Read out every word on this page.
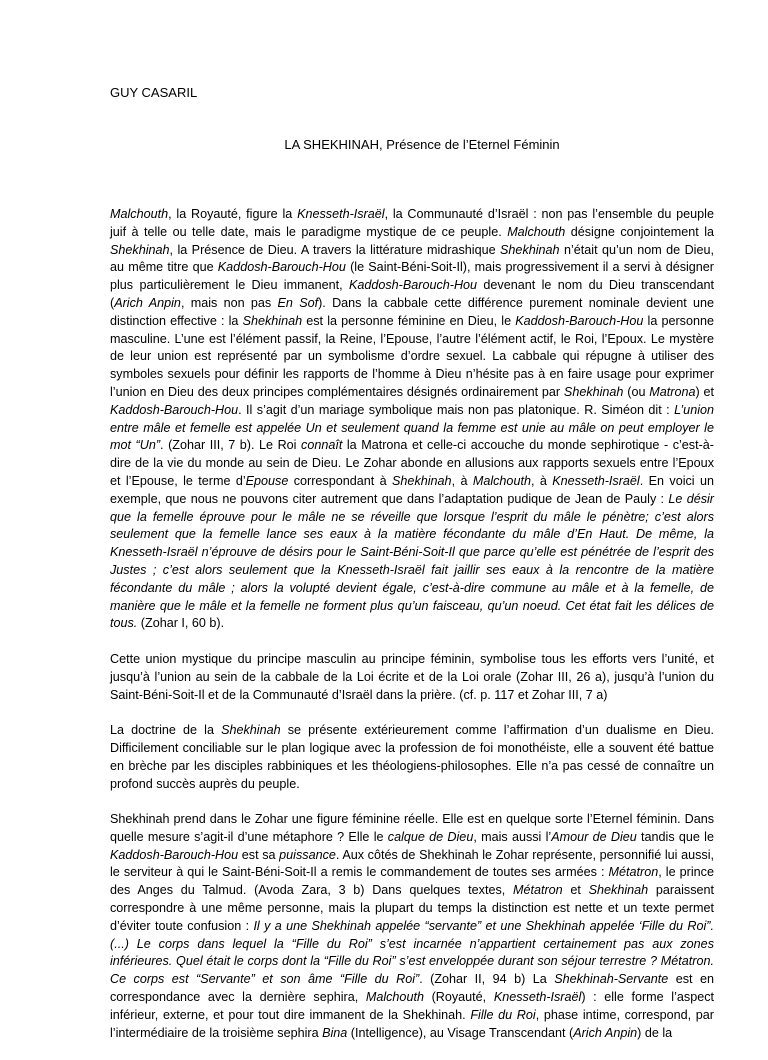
GUY CASARIL
LA SHEKHINAH, Présence de l’Eternel Féminin

Malchouth, la Royauté, figure la Knesseth-Israël, la Communauté d’Israël : non pas l’ensemble du peuple juif à telle ou telle date, mais le paradigme mystique de ce peuple. Malchouth désigne conjointement la Shekhinah, la Présence de Dieu. A travers la littérature midrashique Shekhinah n’était qu’un nom de Dieu, au même titre que Kaddosh-Barouch-Hou (le Saint-Béni-Soit-Il), mais progressivement il a servi à désigner plus particulièrement le Dieu immanent, Kaddosh-Barouch-Hou devenant le nom du Dieu transcendant (Arich Anpin, mais non pas En Sof). Dans la cabbale cette différence purement nominale devient une distinction effective : la Shekhinah est la personne féminine en Dieu, le Kaddosh-Barouch-Hou la personne masculine. L’une est l’élément passif, la Reine, l’Epouse, l’autre l’élément actif, le Roi, l’Epoux. Le mystère de leur union est représenté par un symbolisme d’ordre sexuel. La cabbale qui répugne à utiliser des symboles sexuels pour définir les rapports de l’homme à Dieu n’hésite pas à en faire usage pour exprimer l’union en Dieu des deux principes complémentaires désignés ordinairement par Shekhinah (ou Matrona) et Kaddosh-Barouch-Hou. Il s’agit d’un mariage symbolique mais non pas platonique. R. Siméon dit : L’union entre mâle et femelle est appelée Un et seulement quand la femme est unie au mâle on peut employer le mot “Un”. (Zohar III, 7 b). Le Roi connaît la Matrona et celle-ci accouche du monde sephirotique - c’est-à-dire de la vie du monde au sein de Dieu. Le Zohar abonde en allusions aux rapports sexuels entre l’Epoux et l’Epouse, le terme d’Epouse correspondant à Shekhinah, à Malchouth, à Knesseth-Israël. En voici un exemple, que nous ne pouvons citer autrement que dans l’adaptation pudique de Jean de Pauly : Le désir que la femelle éprouve pour le mâle ne se réveille que lorsque l’esprit du mâle le pénètre; c’est alors seulement que la femelle lance ses eaux à la matière fécondante du mâle d’En Haut. De même, la Knesseth-Israël n’éprouve de désirs pour le Saint-Béni-Soit-Il que parce qu’elle est pénétrée de l’esprit des Justes ; c’est alors seulement que la Knesseth-Israël fait jaillir ses eaux à la rencontre de la matière fécondante du mâle ; alors la volupté devient égale, c’est-à-dire commune au mâle et à la femelle, de manière que le mâle et la femelle ne forment plus qu’un faisceau, qu’un noeud. Cet état fait les délices de tous. (Zohar I, 60 b).

Cette union mystique du principe masculin au principe féminin, symbolise tous les efforts vers l’unité, et jusqu’à l’union au sein de la cabbale de la Loi écrite et de la Loi orale (Zohar III, 26 a), jusqu’à l’union du Saint-Béni-Soit-Il et de la Communauté d’Israël dans la prière. (cf. p. 117 et Zohar III, 7 a)

La doctrine de la Shekhinah se présente extérieurement comme l’affirmation d’un dualisme en Dieu. Difficilement conciliable sur le plan logique avec la profession de foi monothéiste, elle a souvent été battue en brèche par les disciples rabbiniques et les théologiens-philosophes. Elle n’a pas cessé de connaître un profond succès auprès du peuple.

Shekhinah prend dans le Zohar une figure féminine réelle. Elle est en quelque sorte l’Eternel féminin. Dans quelle mesure s’agit-il d’une métaphore ? Elle le calque de Dieu, mais aussi l’Amour de Dieu tandis que le Kaddosh-Barouch-Hou est sa puissance. Aux côtés de Shekhinah le Zohar représente, personnifié lui aussi, le serviteur à qui le Saint-Béni-Soit-Il a remis le commandement de toutes ses armées : Métatron, le prince des Anges du Talmud. (Avoda Zara, 3 b) Dans quelques textes, Métatron et Shekhinah paraissent correspondre à une même personne, mais la plupart du temps la distinction est nette et un texte permet d’éviter toute confusion : Il y a une Shekhinah appelée “servante” et une Shekhinah appelée ‘Fille du Roi”. (...) Le corps dans lequel la “Fille du Roi” s’est incarnée n’appartient certainement pas aux zones inférieures. Quel était le corps dont la “Fille du Roi” s’est enveloppée durant son séjour terrestre ? Métatron. Ce corps est “Servante” et son âme “Fille du Roi”. (Zohar II, 94 b) La Shekhinah-Servante est en correspondance avec la dernière sephira, Malchouth (Royauté, Knesseth-Israël) : elle forme l’aspect inférieur, externe, et pour tout dire immanent de la Shekhinah. Fille du Roi, phase intime, correspond, par l’intermédiaire de la troisième sephira Bina (Intelligence), au Visage Transcendant (Arich Anpin) de la
